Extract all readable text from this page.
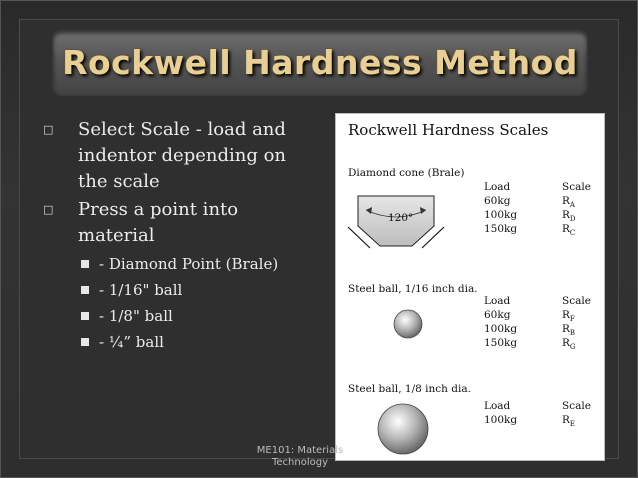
Rockwell Hardness Method
□ Select Scale - load and indentor depending on the scale
□ Press a point into material
- Diamond Point (Brale)
- 1/16" ball
- 1/8" ball
- ¼” ball
Rockwell Hardness Scales
Diamond cone (Brale)
120°
Load	Scale
60kg	$R_A$
100kg	$R_D$
150kg	$R_C$
Steel ball, 1/16 inch dia.
Load	Scale
60kg	$R_F$
100kg	$R_B$
150kg	$R_G$
Steel ball, 1/8 inch dia.
Load	Scale
100kg	$R_E$
ME101: Materials Technology
